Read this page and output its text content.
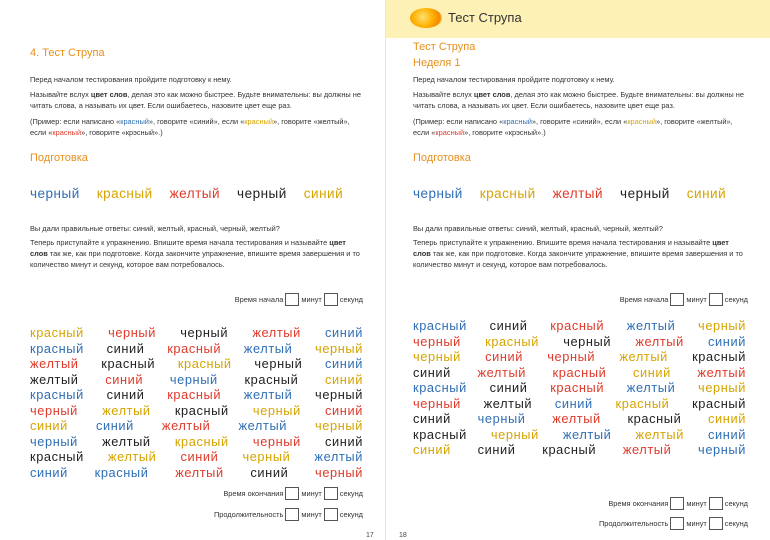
4. Тест Струпа
Перед началом тестирования пройдите подготовку к нему.
Называйте вслух цвет слов, делая это как можно быстрее. Будьте внимательны: вы должны не читать слова, а называть их цвет. Если ошибаетесь, назовите цвет еще раз.
(Пример: если написано «красный», говорите «синий», если «красный», говорите «желтый», если «красный», говорите «крэсный».)
Подготовка
черный красный желтый черный синий
Вы дали правильные ответы: синий, желтый, красный, черный, желтый?
Теперь приступайте к упражнению. Впишите время начала тестирования и называйте цвет слов так же, как при подготовке. Когда закончите упражнение, впишите время завершения и то количество минут и секунд, которое вам потребовалось.
Время начала минут секунд
красный черный черный желтый синий
красный синий красный желтый черный
желтый красный красный черный синий
желтый синий черный красный синий
красный синий красный желтый черный
черный желтый красный черный синий
синий синий желтый желтый черный
черный желтый красный черный синий
красный желтый синий черный желтый
синий красный желтый синий черный
Время окончания минут секунд
Продолжительность минут секунд
17
Тест Струпа
Тест Струпа
Неделя 1
Перед началом тестирования пройдите подготовку к нему.
Называйте вслух цвет слов, делая это как можно быстрее. Будьте внимательны: вы должны не читать слова, а называть их цвет. Если ошибаетесь, назовите цвет еще раз.
(Пример: если написано «красный», говорите «синий», если «красный», говорите «желтый», если «красный», говорите «крэсный».)
Подготовка
черный красный желтый черный синий
Вы дали правильные ответы: синий, желтый, красный, черный, желтый?
Теперь приступайте к упражнению. Впишите время начала тестирования и называйте цвет слов так же, как при подготовке. Когда закончите упражнение, впишите время завершения и то количество минут и секунд, которое вам потребовалось.
Время начала минут секунд
красный синий красный желтый черный
черный красный черный желтый синий
черный синий черный желтый красный
синий желтый красный синий желтый
красный синий красный желтый черный
черный желтый синий красный красный
синий черный желтый красный синий
красный черный желтый желтый синий
синий синий красный желтый черный
Время окончания минут секунд
Продолжительность минут секунд
18
